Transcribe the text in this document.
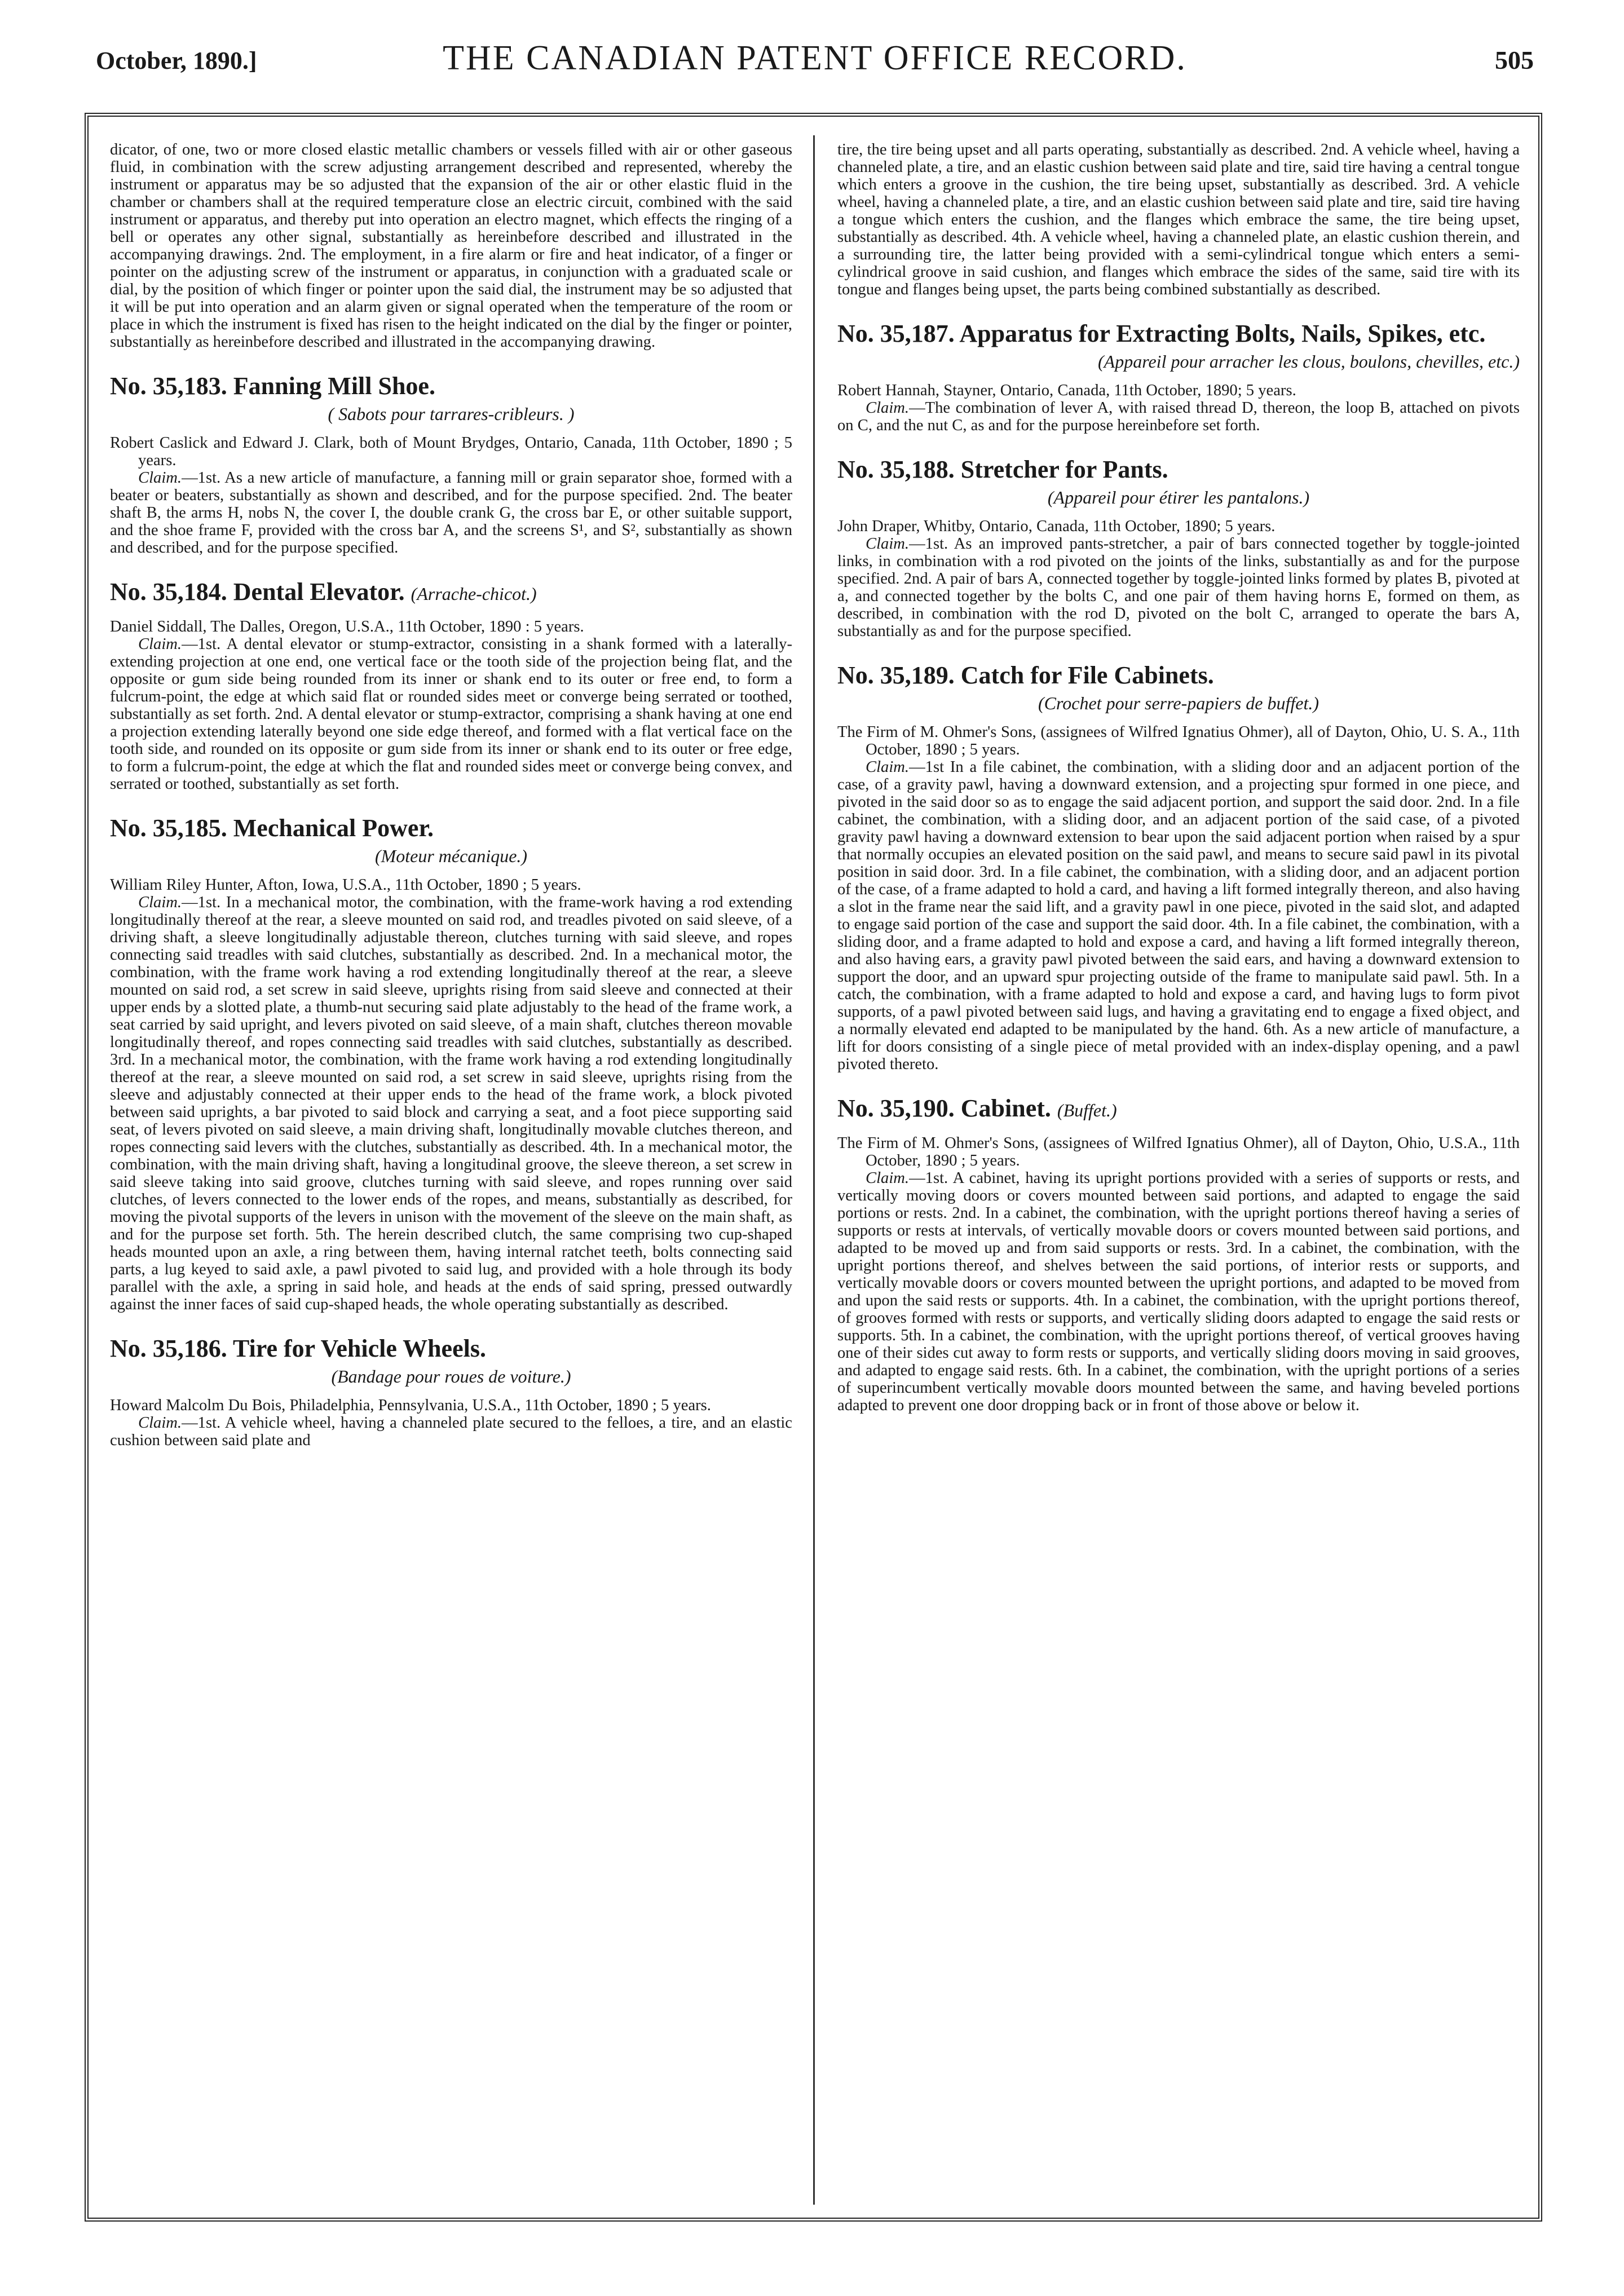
October, 1890.]	THE CANADIAN PATENT OFFICE RECORD.	505

dicator, of one, two or more closed elastic metallic chambers or vessels filled with air or other gaseous fluid, in combination with the screw adjusting arrangement described and represented, whereby the instrument or apparatus may be so adjusted that the expansion of the air or other elastic fluid in the chamber or chambers shall at the required temperature close an electric circuit, combined with the said instrument or apparatus, and thereby put into operation an electro magnet, which effects the ringing of a bell or operates any other signal, substantially as hereinbefore described and illustrated in the accompanying drawings. 2nd. The employment, in a fire alarm or fire and heat indicator, of a finger or pointer on the adjusting screw of the instrument or apparatus, in conjunction with a graduated scale or dial, by the position of which finger or pointer upon the said dial, the instrument may be so adjusted that it will be put into operation and an alarm given or signal operated when the temperature of the room or place in which the instrument is fixed has risen to the height indicated on the dial by the finger or pointer, substantially as hereinbefore described and illustrated in the accompanying drawing.

No. 35,183. Fanning Mill Shoe.

( Sabots pour tarrares-cribleurs. )

Robert Caslick and Edward J. Clark, both of Mount Brydges, Ontario, Canada, 11th October, 1890 ; 5 years.

Claim.—1st. As a new article of manufacture, a fanning mill or grain separator shoe, formed with a beater or beaters, substantially as shown and described, and for the purpose specified. 2nd. The beater shaft B, the arms H, nobs N, the cover I, the double crank G, the cross bar E, or other suitable support, and the shoe frame F, provided with the cross bar A, and the screens S¹, and S², substantially as shown and described, and for the purpose specified.

No. 35,184. Dental Elevator. (Arrache-chicot.)

Daniel Siddall, The Dalles, Oregon, U.S.A., 11th October, 1890 : 5 years.

Claim.—1st. A dental elevator or stump-extractor, consisting in a shank formed with a laterally-extending projection at one end, one vertical face or the tooth side of the projection being flat, and the opposite or gum side being rounded from its inner or shank end to its outer or free end, to form a fulcrum-point, the edge at which said flat or rounded sides meet or converge being serrated or toothed, substantially as set forth. 2nd. A dental elevator or stump-extractor, comprising a shank having at one end a projection extending laterally beyond one side edge thereof, and formed with a flat vertical face on the tooth side, and rounded on its opposite or gum side from its inner or shank end to its outer or free edge, to form a fulcrum-point, the edge at which the flat and rounded sides meet or converge being convex, and serrated or toothed, substantially as set forth.

No. 35,185. Mechanical Power.

(Moteur mécanique.)

William Riley Hunter, Afton, Iowa, U.S.A., 11th October, 1890 ; 5 years.

Claim.—1st. In a mechanical motor, the combination, with the frame-work having a rod extending longitudinally thereof at the rear, a sleeve mounted on said rod, and treadles pivoted on said sleeve, of a driving shaft, a sleeve longitudinally adjustable thereon, clutches turning with said sleeve, and ropes connecting said treadles with said clutches, substantially as described. 2nd. In a mechanical motor, the combination, with the frame work having a rod extending longitudinally thereof at the rear, a sleeve mounted on said rod, a set screw in said sleeve, uprights rising from said sleeve and connected at their upper ends by a slotted plate, a thumb-nut securing said plate adjustably to the head of the frame work, a seat carried by said upright, and levers pivoted on said sleeve, of a main shaft, clutches thereon movable longitudinally thereof, and ropes connecting said treadles with said clutches, substantially as described. 3rd. In a mechanical motor, the combination, with the frame work having a rod extending longitudinally thereof at the rear, a sleeve mounted on said rod, a set screw in said sleeve, uprights rising from the sleeve and adjustably connected at their upper ends to the head of the frame work, a block pivoted between said uprights, a bar pivoted to said block and carrying a seat, and a foot piece supporting said seat, of levers pivoted on said sleeve, a main driving shaft, longitudinally movable clutches thereon, and ropes connecting said levers with the clutches, substantially as described. 4th. In a mechanical motor, the combination, with the main driving shaft, having a longitudinal groove, the sleeve thereon, a set screw in said sleeve taking into said groove, clutches turning with said sleeve, and ropes running over said clutches, of levers connected to the lower ends of the ropes, and means, substantially as described, for moving the pivotal supports of the levers in unison with the movement of the sleeve on the main shaft, as and for the purpose set forth. 5th. The herein described clutch, the same comprising two cup-shaped heads mounted upon an axle, a ring between them, having internal ratchet teeth, bolts connecting said parts, a lug keyed to said axle, a pawl pivoted to said lug, and provided with a hole through its body parallel with the axle, a spring in said hole, and heads at the ends of said spring, pressed outwardly against the inner faces of said cup-shaped heads, the whole operating substantially as described.

No. 35,186. Tire for Vehicle Wheels.

(Bandage pour roues de voiture.)

Howard Malcolm Du Bois, Philadelphia, Pennsylvania, U.S.A., 11th October, 1890 ; 5 years.

Claim.—1st. A vehicle wheel, having a channeled plate secured to the felloes, a tire, and an elastic cushion between said plate and

tire, the tire being upset and all parts operating, substantially as described. 2nd. A vehicle wheel, having a channeled plate, a tire, and an elastic cushion between said plate and tire, said tire having a central tongue which enters a groove in the cushion, the tire being upset, substantially as described. 3rd. A vehicle wheel, having a channeled plate, a tire, and an elastic cushion between said plate and tire, said tire having a tongue which enters the cushion, and the flanges which embrace the same, the tire being upset, substantially as described. 4th. A vehicle wheel, having a channeled plate, an elastic cushion therein, and a surrounding tire, the latter being provided with a semi-cylindrical tongue which enters a semi-cylindrical groove in said cushion, and flanges which embrace the sides of the same, said tire with its tongue and flanges being upset, the parts being combined substantially as described.

No. 35,187. Apparatus for Extracting Bolts, Nails, Spikes, etc.

(Appareil pour arracher les clous, boulons, chevilles, etc.)

Robert Hannah, Stayner, Ontario, Canada, 11th October, 1890; 5 years.

Claim.—The combination of lever A, with raised thread D, thereon, the loop B, attached on pivots on C, and the nut C, as and for the purpose hereinbefore set forth.

No. 35,188. Stretcher for Pants.

(Appareil pour étirer les pantalons.)

John Draper, Whitby, Ontario, Canada, 11th October, 1890; 5 years.

Claim.—1st. As an improved pants-stretcher, a pair of bars connected together by toggle-jointed links, in combination with a rod pivoted on the joints of the links, substantially as and for the purpose specified. 2nd. A pair of bars A, connected together by toggle-jointed links formed by plates B, pivoted at a, and connected together by the bolts C, and one pair of them having horns E, formed on them, as described, in combination with the rod D, pivoted on the bolt C, arranged to operate the bars A, substantially as and for the purpose specified.

No. 35,189. Catch for File Cabinets.

(Crochet pour serre-papiers de buffet.)

The Firm of M. Ohmer's Sons, (assignees of Wilfred Ignatius Ohmer), all of Dayton, Ohio, U. S. A., 11th October, 1890 ; 5 years.

Claim.—1st In a file cabinet, the combination, with a sliding door and an adjacent portion of the case, of a gravity pawl, having a downward extension, and a projecting spur formed in one piece, and pivoted in the said door so as to engage the said adjacent portion, and support the said door. 2nd. In a file cabinet, the combination, with a sliding door, and an adjacent portion of the said case, of a pivoted gravity pawl having a downward extension to bear upon the said adjacent portion when raised by a spur that normally occupies an elevated position on the said pawl, and means to secure said pawl in its pivotal position in said door. 3rd. In a file cabinet, the combination, with a sliding door, and an adjacent portion of the case, of a frame adapted to hold a card, and having a lift formed integrally thereon, and also having a slot in the frame near the said lift, and a gravity pawl in one piece, pivoted in the said slot, and adapted to engage said portion of the case and support the said door. 4th. In a file cabinet, the combination, with a sliding door, and a frame adapted to hold and expose a card, and having a lift formed integrally thereon, and also having ears, a gravity pawl pivoted between the said ears, and having a downward extension to support the door, and an upward spur projecting outside of the frame to manipulate said pawl. 5th. In a catch, the combination, with a frame adapted to hold and expose a card, and having lugs to form pivot supports, of a pawl pivoted between said lugs, and having a gravitating end to engage a fixed object, and a normally elevated end adapted to be manipulated by the hand. 6th. As a new article of manufacture, a lift for doors consisting of a single piece of metal provided with an index-display opening, and a pawl pivoted thereto.

No. 35,190. Cabinet. (Buffet.)

The Firm of M. Ohmer's Sons, (assignees of Wilfred Ignatius Ohmer), all of Dayton, Ohio, U.S.A., 11th October, 1890 ; 5 years.

Claim.—1st. A cabinet, having its upright portions provided with a series of supports or rests, and vertically moving doors or covers mounted between said portions, and adapted to engage the said portions or rests. 2nd. In a cabinet, the combination, with the upright portions thereof having a series of supports or rests at intervals, of vertically movable doors or covers mounted between said portions, and adapted to be moved up and from said supports or rests. 3rd. In a cabinet, the combination, with the upright portions thereof, and shelves between the said portions, of interior rests or supports, and vertically movable doors or covers mounted between the upright portions, and adapted to be moved from and upon the said rests or supports. 4th. In a cabinet, the combination, with the upright portions thereof, of grooves formed with rests or supports, and vertically sliding doors adapted to engage the said rests or supports. 5th. In a cabinet, the combination, with the upright portions thereof, of vertical grooves having one of their sides cut away to form rests or supports, and vertically sliding doors moving in said grooves, and adapted to engage said rests. 6th. In a cabinet, the combination, with the upright portions of a series of superincumbent vertically movable doors mounted between the same, and having beveled portions adapted to prevent one door dropping back or in front of those above or below it.
